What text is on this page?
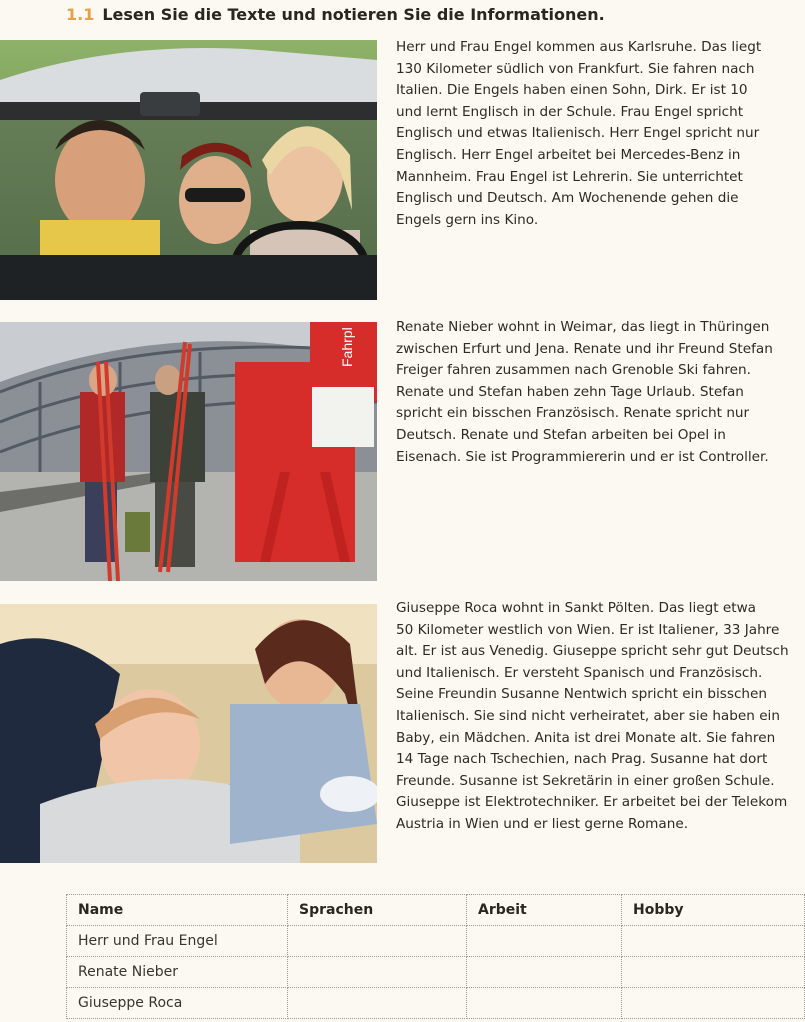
1.1 Lesen Sie die Texte und notieren Sie die Informationen.
Fahrpl
Herr und Frau Engel kommen aus Karlsruhe. Das liegt
130 Kilometer südlich von Frankfurt. Sie fahren nach
Italien. Die Engels haben einen Sohn, Dirk. Er ist 10
und lernt Englisch in der Schule. Frau Engel spricht
Englisch und etwas Italienisch. Herr Engel spricht nur
Englisch. Herr Engel arbeitet bei Mercedes-Benz in
Mannheim. Frau Engel ist Lehrerin. Sie unterrichtet
Englisch und Deutsch. Am Wochenende gehen die
Engels gern ins Kino.
Renate Nieber wohnt in Weimar, das liegt in Thüringen
zwischen Erfurt und Jena. Renate und ihr Freund Stefan
Freiger fahren zusammen nach Grenoble Ski fahren.
Renate und Stefan haben zehn Tage Urlaub. Stefan
spricht ein bisschen Französisch. Renate spricht nur
Deutsch. Renate und Stefan arbeiten bei Opel in
Eisenach. Sie ist Programmiererin und er ist Controller.
Giuseppe Roca wohnt in Sankt Pölten. Das liegt etwa
50 Kilometer westlich von Wien. Er ist Italiener, 33 Jahre
alt. Er ist aus Venedig. Giuseppe spricht sehr gut Deutsch
und Italienisch. Er versteht Spanisch und Französisch.
Seine Freundin Susanne Nentwich spricht ein bisschen
Italienisch. Sie sind nicht verheiratet, aber sie haben ein
Baby, ein Mädchen. Anita ist drei Monate alt. Sie fahren
14 Tage nach Tschechien, nach Prag. Susanne hat dort
Freunde. Susanne ist Sekretärin in einer großen Schule.
Giuseppe ist Elektrotechniker. Er arbeitet bei der Telekom
Austria in Wien und er liest gerne Romane.
Name	Sprachen	Arbeit	Hobby
Herr und Frau Engel			
Renate Nieber			
Giuseppe Roca			
